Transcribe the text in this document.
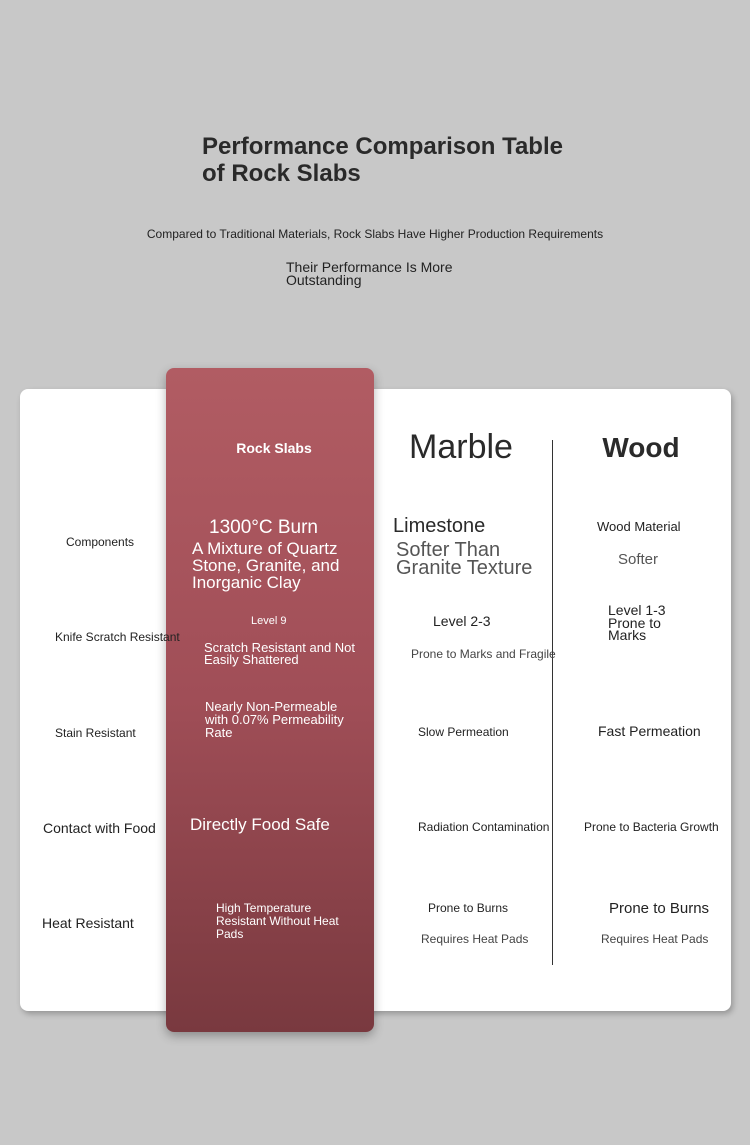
Performance Comparison Table of Rock Slabs
Compared to Traditional Materials, Rock Slabs Have Higher Production Requirements
Their Performance Is More Outstanding
Rock Slabs	Marble	Wood
Components
Knife Scratch Resistant
Stain Resistant
Contact with Food
Heat Resistant
1300°C Burn
A Mixture of Quartz Stone, Granite, and Inorganic Clay
Level 9
Scratch Resistant and Not Easily Shattered
Nearly Non-Permeable with 0.07% Permeability Rate
Directly Food Safe
High Temperature Resistant Without Heat Pads
Limestone
Softer Than Granite Texture
Level 2-3
Prone to Marks and Fragile
Slow Permeation
Radiation Contamination
Prone to Burns
Requires Heat Pads
Wood Material
Softer
Level 1-3 Prone to Marks
Fast Permeation
Prone to Bacteria Growth
Prone to Burns
Requires Heat Pads
